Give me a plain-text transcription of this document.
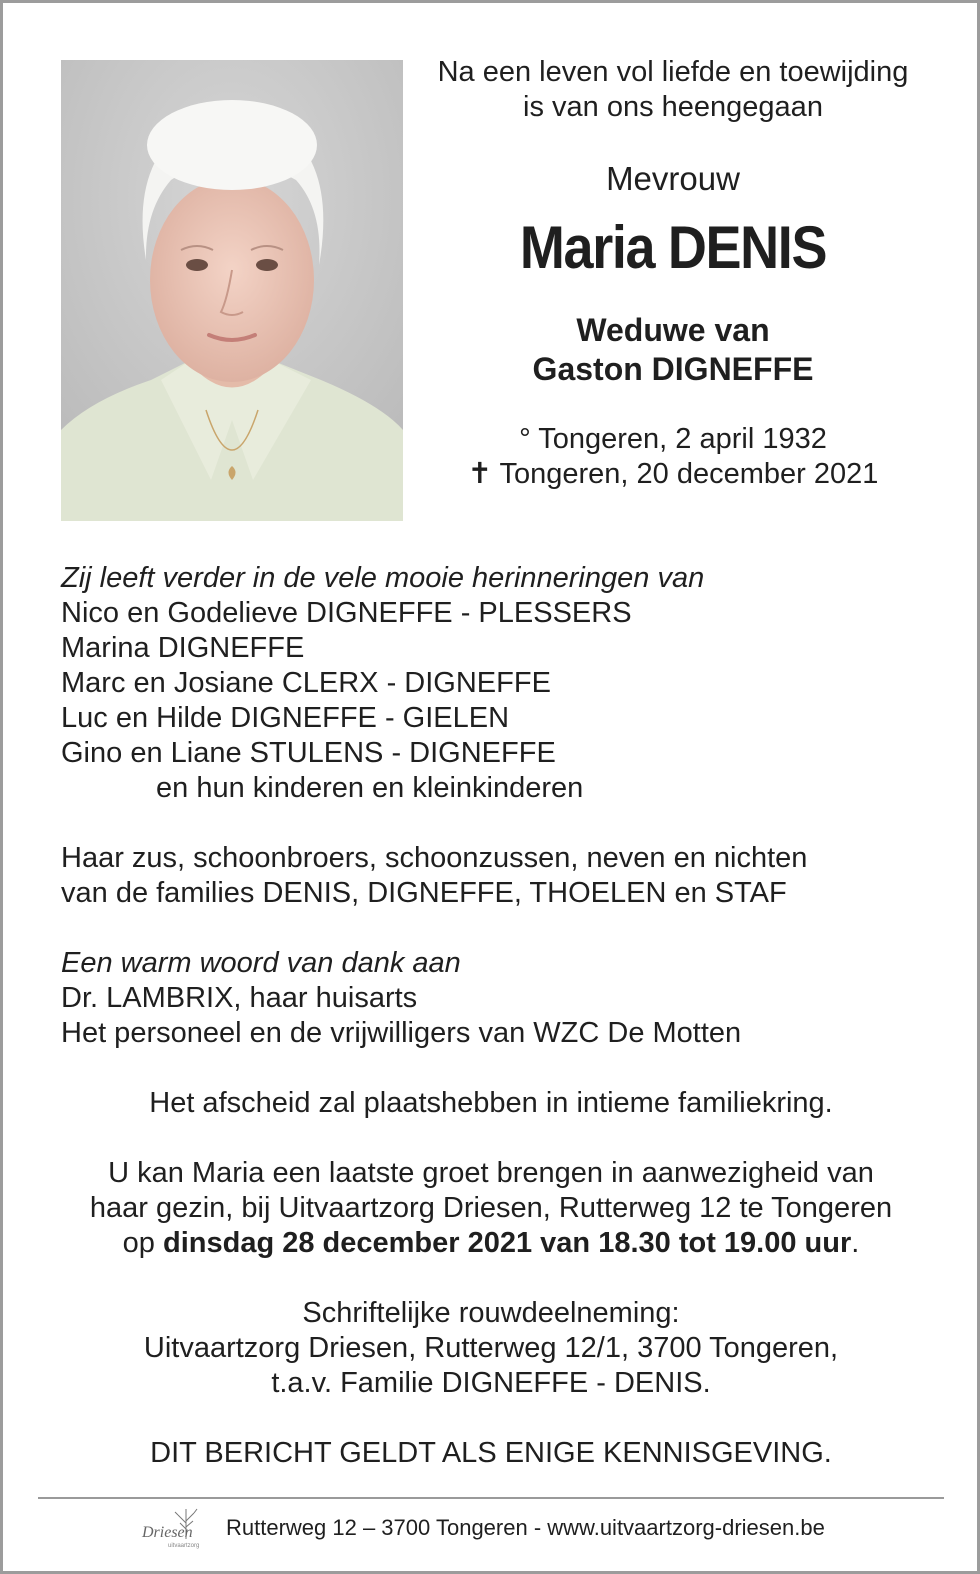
Na een leven vol liefde en toewijding

is van ons heengegaan

Mevrouw
Maria DENIS
Weduwe van
Gaston DIGNEFFE
° Tongeren, 2 april 1932
✝ Tongeren, 20 december 2021
Zij leeft verder in de vele mooie herinneringen van
Nico en Godelieve DIGNEFFE - PLESSERS
Marina DIGNEFFE
Marc en Josiane CLERX - DIGNEFFE
Luc en Hilde DIGNEFFE - GIELEN
Gino en Liane STULENS - DIGNEFFE
en hun kinderen en kleinkinderen
Haar zus, schoonbroers, schoonzussen, neven en nichten
van de families DENIS, DIGNEFFE, THOELEN en STAF
Een warm woord van dank aan
Dr. LAMBRIX, haar huisarts
Het personeel en de vrijwilligers van WZC De Motten
Het afscheid zal plaatshebben in intieme familiekring.
U kan Maria een laatste groet brengen in aanwezigheid van
haar gezin, bij Uitvaartzorg Driesen, Rutterweg 12 te Tongeren
op dinsdag 28 december 2021 van 18.30 tot 19.00 uur.
Schriftelijke rouwdeelneming:
Uitvaartzorg Driesen, Rutterweg 12/1, 3700 Tongeren,
t.a.v. Familie DIGNEFFE - DENIS.
DIT BERICHT GELDT ALS ENIGE KENNISGEVING.
Driesen
uitvaartzorg
Rutterweg 12 – 3700 Tongeren - www.uitvaartzorg-driesen.be
